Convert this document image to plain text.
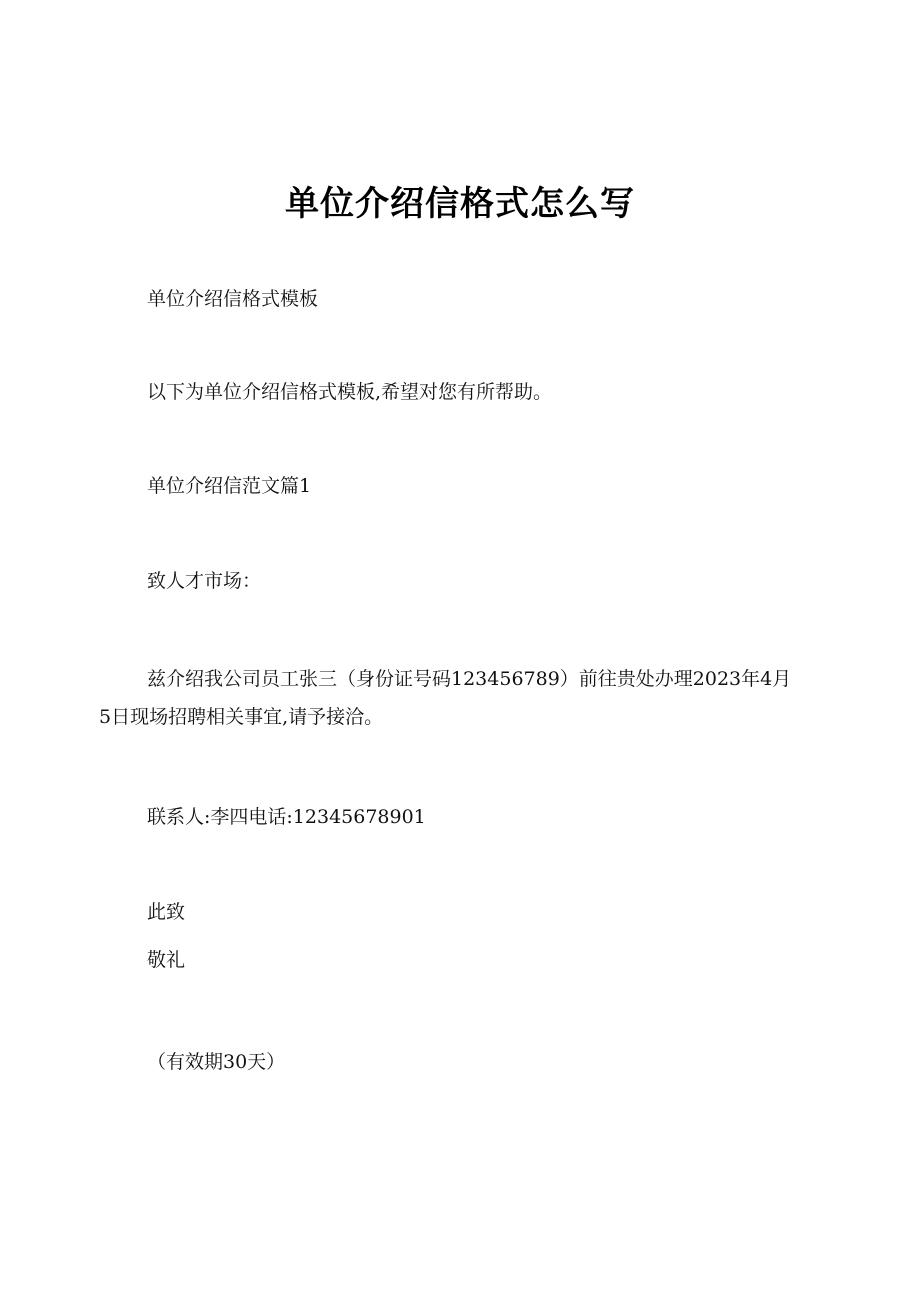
单位介绍信格式怎么写
单位介绍信格式模板
以下为单位介绍信格式模板,希望对您有所帮助。
单位介绍信范文篇1
致人才市场：
兹介绍我公司员工张三（身份证号码123456789）前往贵处办理2023年4月
5日现场招聘相关事宜,请予接洽。
联系人:李四电话:12345678901
此致
敬礼
（有效期30天）
